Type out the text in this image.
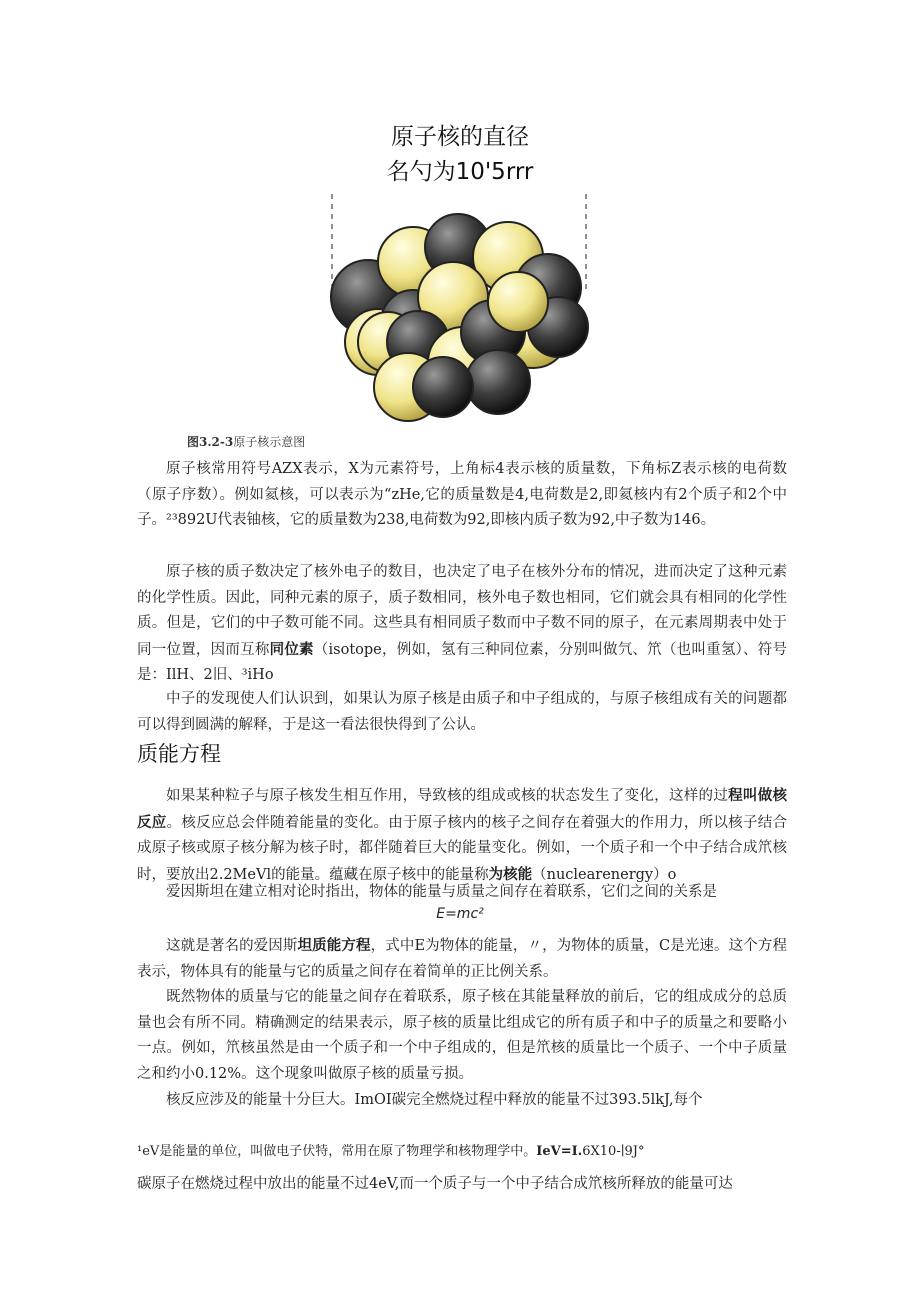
原子核的直径
名勺为10'5rrr
图3.2-3原子核示意图

原子核常用符号AZX表示，X为元素符号，上角标4表示核的质量数，下角标Z表示核的电荷数（原子序数）。例如氦核，可以表示为“zHe,它的质量数是4,电荷数是2,即氦核内有2个质子和2个中子。²³892U代表铀核，它的质量数为238,电荷数为92,即核内质子数为92,中子数为146。

原子核的质子数决定了核外电子的数目，也决定了电子在核外分布的情况，进而决定了这种元素的化学性质。因此，同种元素的原子，质子数相同，核外电子数也相同，它们就会具有相同的化学性质。但是，它们的中子数可能不同。这些具有相同质子数而中子数不同的原子，在元素周期表中处于同一位置，因而互称同位素（isotope，例如，氢有三种同位素，分别叫做氕、笊（也叫重氢）、符号是：IlH、2旧、³iHo

中子的发现使人们认识到，如果认为原子核是由质子和中子组成的，与原子核组成有关的问题都可以得到圆满的解释，于是这一看法很快得到了公认。

质能方程

如果某种粒子与原子核发生相互作用，导致核的组成或核的状态发生了变化，这样的过程叫做核反应。核反应总会伴随着能量的变化。由于原子核内的核子之间存在着强大的作用力，所以核子结合成原子核或原子核分解为核子时，都伴随着巨大的能量变化。例如，一个质子和一个中子结合成笊核时，要放出2.2MeVl的能量。蕴藏在原子核中的能量称为核能（nuclearenergy）o

爱因斯坦在建立相对论时指出，物体的能量与质量之间存在着联系，它们之间的关系是

E=mc²

这就是著名的爱因斯坦质能方程，式中E为物体的能量，〃，为物体的质量，C是光速。这个方程表示，物体具有的能量与它的质量之间存在着简单的正比例关系。

既然物体的质量与它的能量之间存在着联系，原子核在其能量释放的前后，它的组成成分的总质量也会有所不同。精确测定的结果表示，原子核的质量比组成它的所有质子和中子的质量之和要略小一点。例如，笊核虽然是由一个质子和一个中子组成的，但是笊核的质量比一个质子、一个中子质量之和约小0.12%。这个现象叫做原子核的质量亏损。

核反应涉及的能量十分巨大。ImOI碳完全燃烧过程中释放的能量不过393.5lkJ,每个

¹eV是能量的单位，叫做电子伏特，常用在原了物理学和核物理学中。IeV=I.6X10-∣9J°
碳原子在燃烧过程中放出的能量不过4eV,而一个质子与一个中子结合成笊核所释放的能量可达
